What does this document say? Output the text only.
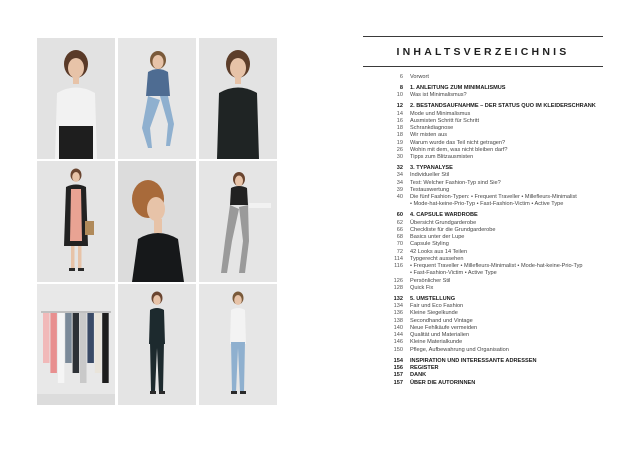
INHALTSVERZEICHNIS
6	Vorwort
8	1. ANLEITUNG ZUM MINIMALISMUS
10	Was ist Minimalismus?
12	2. BESTANDSAUFNAHME – DER STATUS QUO IM KLEIDERSCHRANK
14	Mode und Minimalismus
16	Ausmisten Schritt für Schritt
18	Schrankdiagnose
18	Wir misten aus
19	Warum wurde das Teil nicht getragen?
26	Wohin mit dem, was nicht bleiben darf?
30	Tipps zum Blitzausmisten
32	3. TYPANALYSE
34	Individueller Stil
34	Test: Welcher Fashion-Typ sind Sie?
39	Testauswertung
40	Die fünf Fashion-Typen: • Frequent Traveller • Millefleurs-Minimalist
• Mode-hat-keine-Prio-Typ • Fast-Fashion-Victim • Active Type
60	4. CAPSULE WARDROBE
62	Übersicht Grundgarderobe
66	Checkliste für die Grundgarderobe
68	Basics unter der Lupe
70	Capsule Styling
72	42 Looks aus 14 Teilen
114	Typgerecht aussehen
116	• Frequent Traveller • Millefleurs-Minimalist • Mode-hat-keine-Prio-Typ
• Fast-Fashion-Victim • Active Type
126	Persönlicher Stil
128	Quick Fix
132	5. UMSTELLUNG
134	Fair und Eco Fashion
136	Kleine Siegelkunde
138	Secondhand und Vintage
140	Neue Fehlkäufe vermeiden
144	Qualität und Materialien
146	Kleine Materialkunde
150	Pflege, Aufbewahrung und Organisation
154	INSPIRATION UND INTERESSANTE ADRESSEN
156	REGISTER
157	DANK
157	ÜBER DIE AUTORINNEN
